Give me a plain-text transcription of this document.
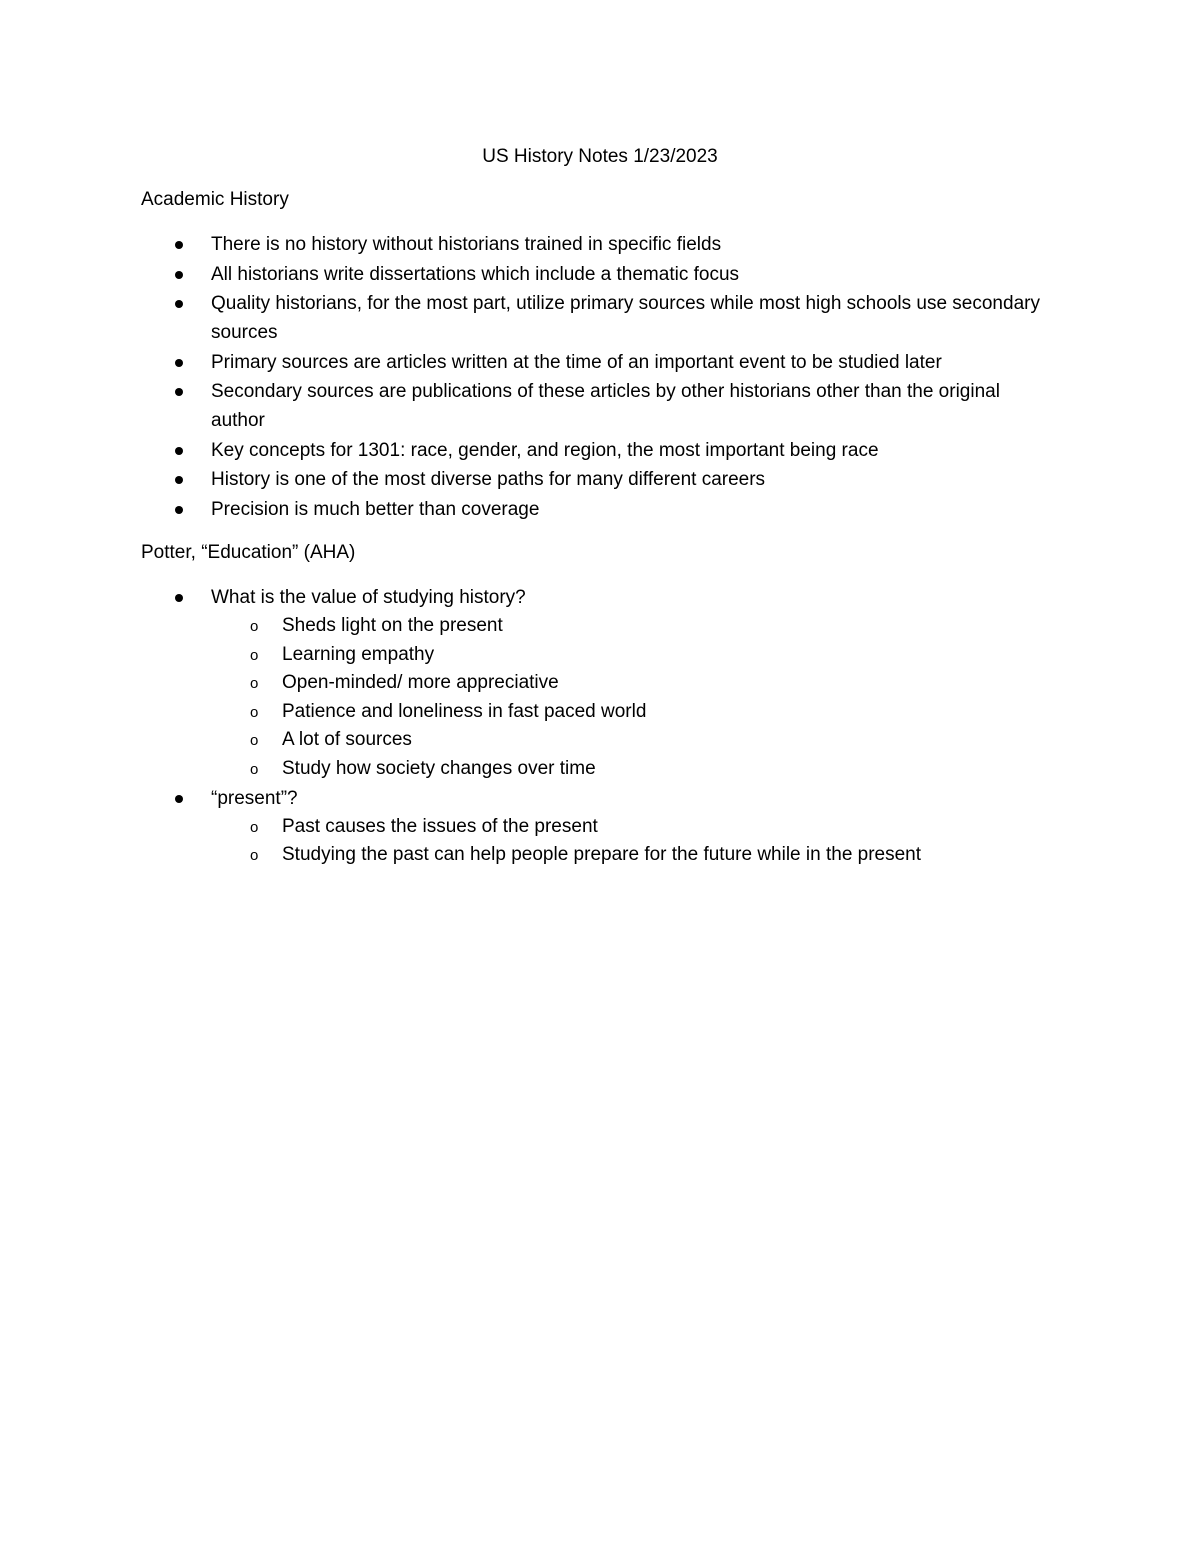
US History Notes 1/23/2023
Academic History
There is no history without historians trained in specific fields
All historians write dissertations which include a thematic focus
Quality historians, for the most part, utilize primary sources while most high schools use secondary sources
Primary sources are articles written at the time of an important event to be studied later
Secondary sources are publications of these articles by other historians other than the original author
Key concepts for 1301: race, gender, and region, the most important being race
History is one of the most diverse paths for many different careers
Precision is much better than coverage
Potter, “Education” (AHA)
What is the value of studying history?
o Sheds light on the present
o Learning empathy
o Open-minded/ more appreciative
o Patience and loneliness in fast paced world
o A lot of sources
o Study how society changes over time
“present”?
o Past causes the issues of the present
o Studying the past can help people prepare for the future while in the present
